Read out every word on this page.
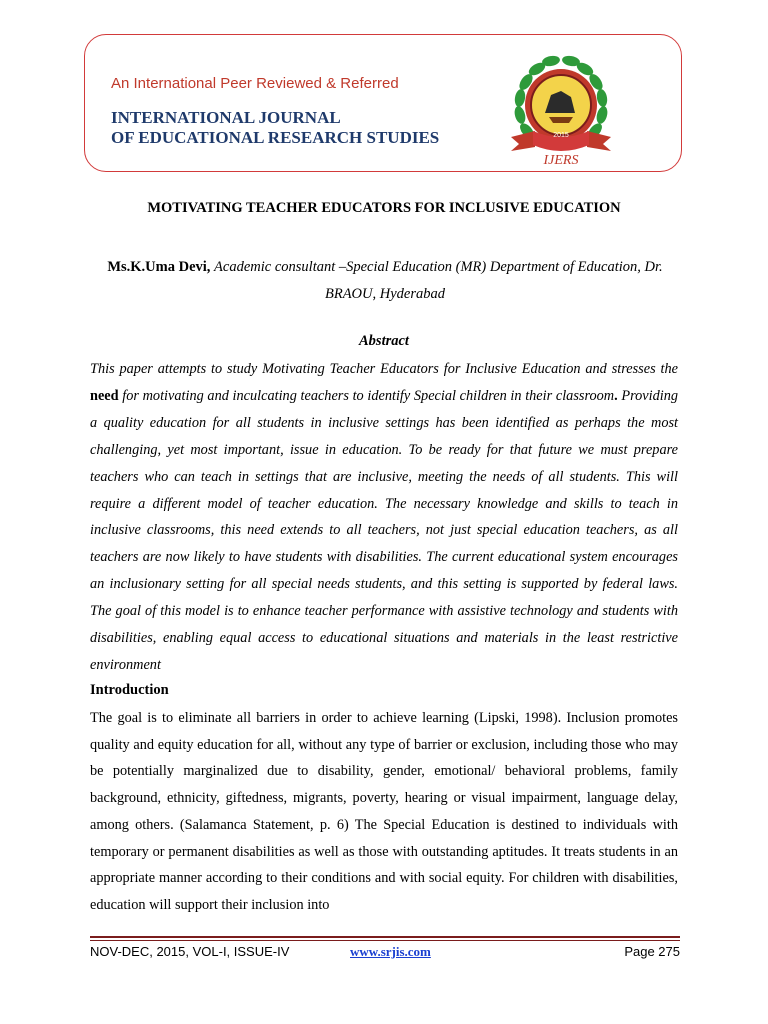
An International Peer Reviewed & Referred
INTERNATIONAL JOURNAL
OF EDUCATIONAL RESEARCH STUDIES	2015
IJERS
MOTIVATING TEACHER EDUCATORS FOR INCLUSIVE EDUCATION
Ms.K.Uma Devi, Academic consultant –Special Education (MR) Department of Education, Dr. BRAOU, Hyderabad
Abstract
This paper attempts to study Motivating Teacher Educators for Inclusive Education and stresses the need for motivating and inculcating teachers to identify Special children in their classroom. Providing a quality education for all students in inclusive settings has been identified as perhaps the most challenging, yet most important, issue in education. To be ready for that future we must prepare teachers who can teach in settings that are inclusive, meeting the needs of all students. This will require a different model of teacher education. The necessary knowledge and skills to teach in inclusive classrooms, this need extends to all teachers, not just special education teachers, as all teachers are now likely to have students with disabilities. The current educational system encourages an inclusionary setting for all special needs students, and this setting is supported by federal laws. The goal of this model is to enhance teacher performance with assistive technology and students with disabilities, enabling equal access to educational situations and materials in the least restrictive environment
Introduction
The goal is to eliminate all barriers in order to achieve learning (Lipski, 1998). Inclusion promotes quality and equity education for all, without any type of barrier or exclusion, including those who may be potentially marginalized due to disability, gender, emotional/ behavioral problems, family background, ethnicity, giftedness, migrants, poverty, hearing or visual impairment, language delay, among others. (Salamanca Statement, p. 6) The Special Education is destined to individuals with temporary or permanent disabilities as well as those with outstanding aptitudes. It treats students in an appropriate manner according to their conditions and with social equity. For children with disabilities, education will support their inclusion into
NOV-DEC, 2015, VOL-I, ISSUE-IV	www.srjis.com	Page 275
